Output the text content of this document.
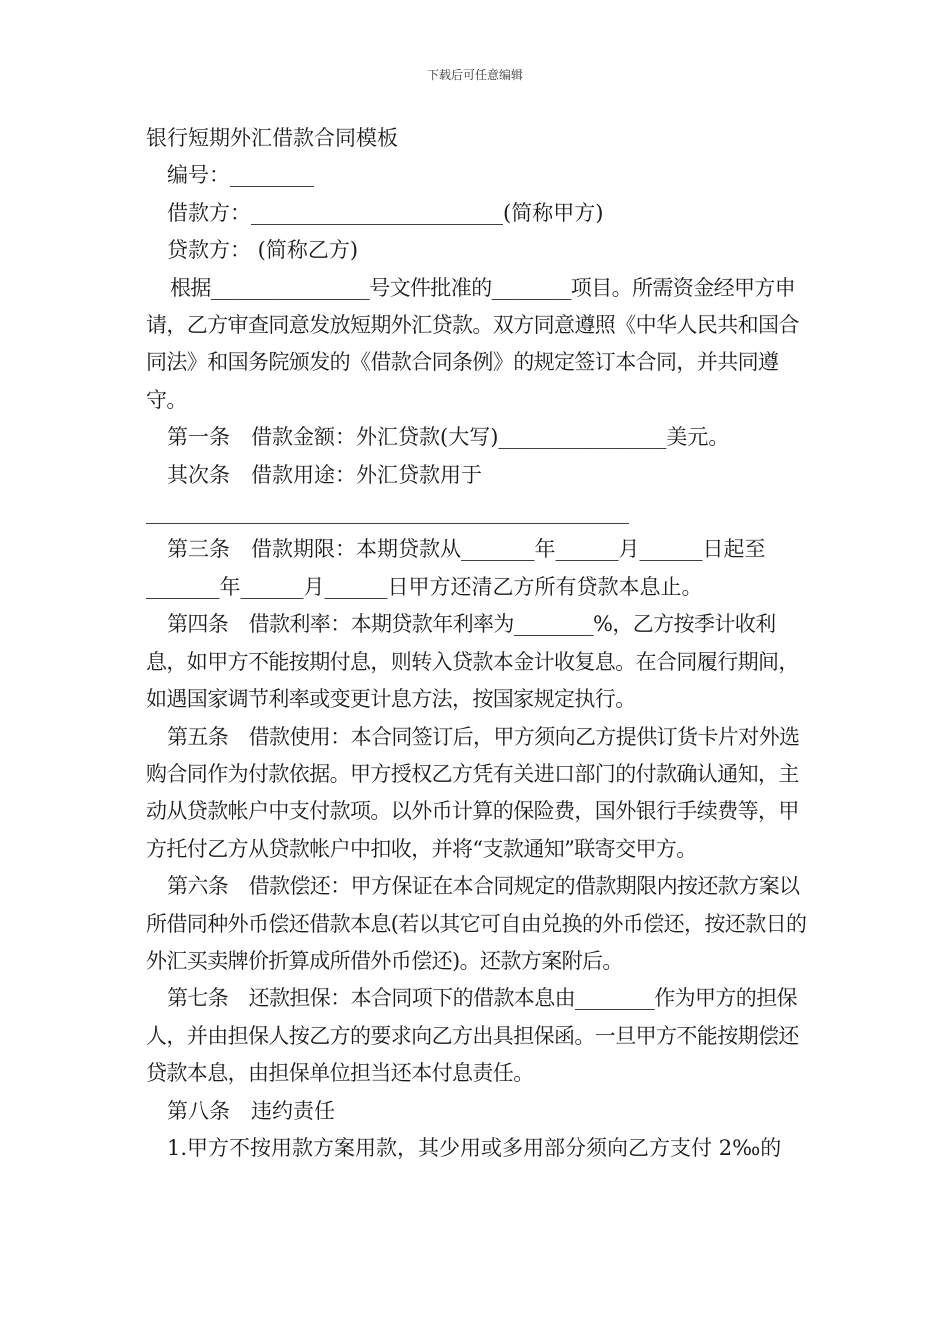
下载后可任意编辑

银行短期外汇借款合同模板

编号：________

借款方：________________________(简称甲方)

贷款方： (简称乙方)

根据________________号文件批准的________项目。所需资金经甲方申请，乙方审查同意发放短期外汇贷款。双方同意遵照《中华人民共和国合同法》和国务院颁发的《借款合同条例》的规定签订本合同，并共同遵守。

第一条　借款金额：外汇贷款(大写)________________美元。

其次条　借款用途：外汇贷款用于______________________________________________

第三条　借款期限：本期贷款从_______年______月______日起至_______年______月______日甲方还清乙方所有贷款本息止。

第四条　借款利率：本期贷款年利率为________%，乙方按季计收利息，如甲方不能按期付息，则转入贷款本金计收复息。在合同履行期间，如遇国家调节利率或变更计息方法，按国家规定执行。

第五条　借款使用：本合同签订后，甲方须向乙方提供订货卡片对外选购合同作为付款依据。甲方授权乙方凭有关进口部门的付款确认通知，主动从贷款帐户中支付款项。以外币计算的保险费，国外银行手续费等，甲方托付乙方从贷款帐户中扣收，并将“支款通知”联寄交甲方。

第六条　借款偿还：甲方保证在本合同规定的借款期限内按还款方案以所借同种外币偿还借款本息(若以其它可自由兑换的外币偿还，按还款日的外汇买卖牌价折算成所借外币偿还)。还款方案附后。

第七条　还款担保：本合同项下的借款本息由________作为甲方的担保人，并由担保人按乙方的要求向乙方出具担保函。一旦甲方不能按期偿还贷款本息，由担保单位担当还本付息责任。

第八条　违约责任

1.甲方不按用款方案用款，其少用或多用部分须向乙方支付 2‰的
